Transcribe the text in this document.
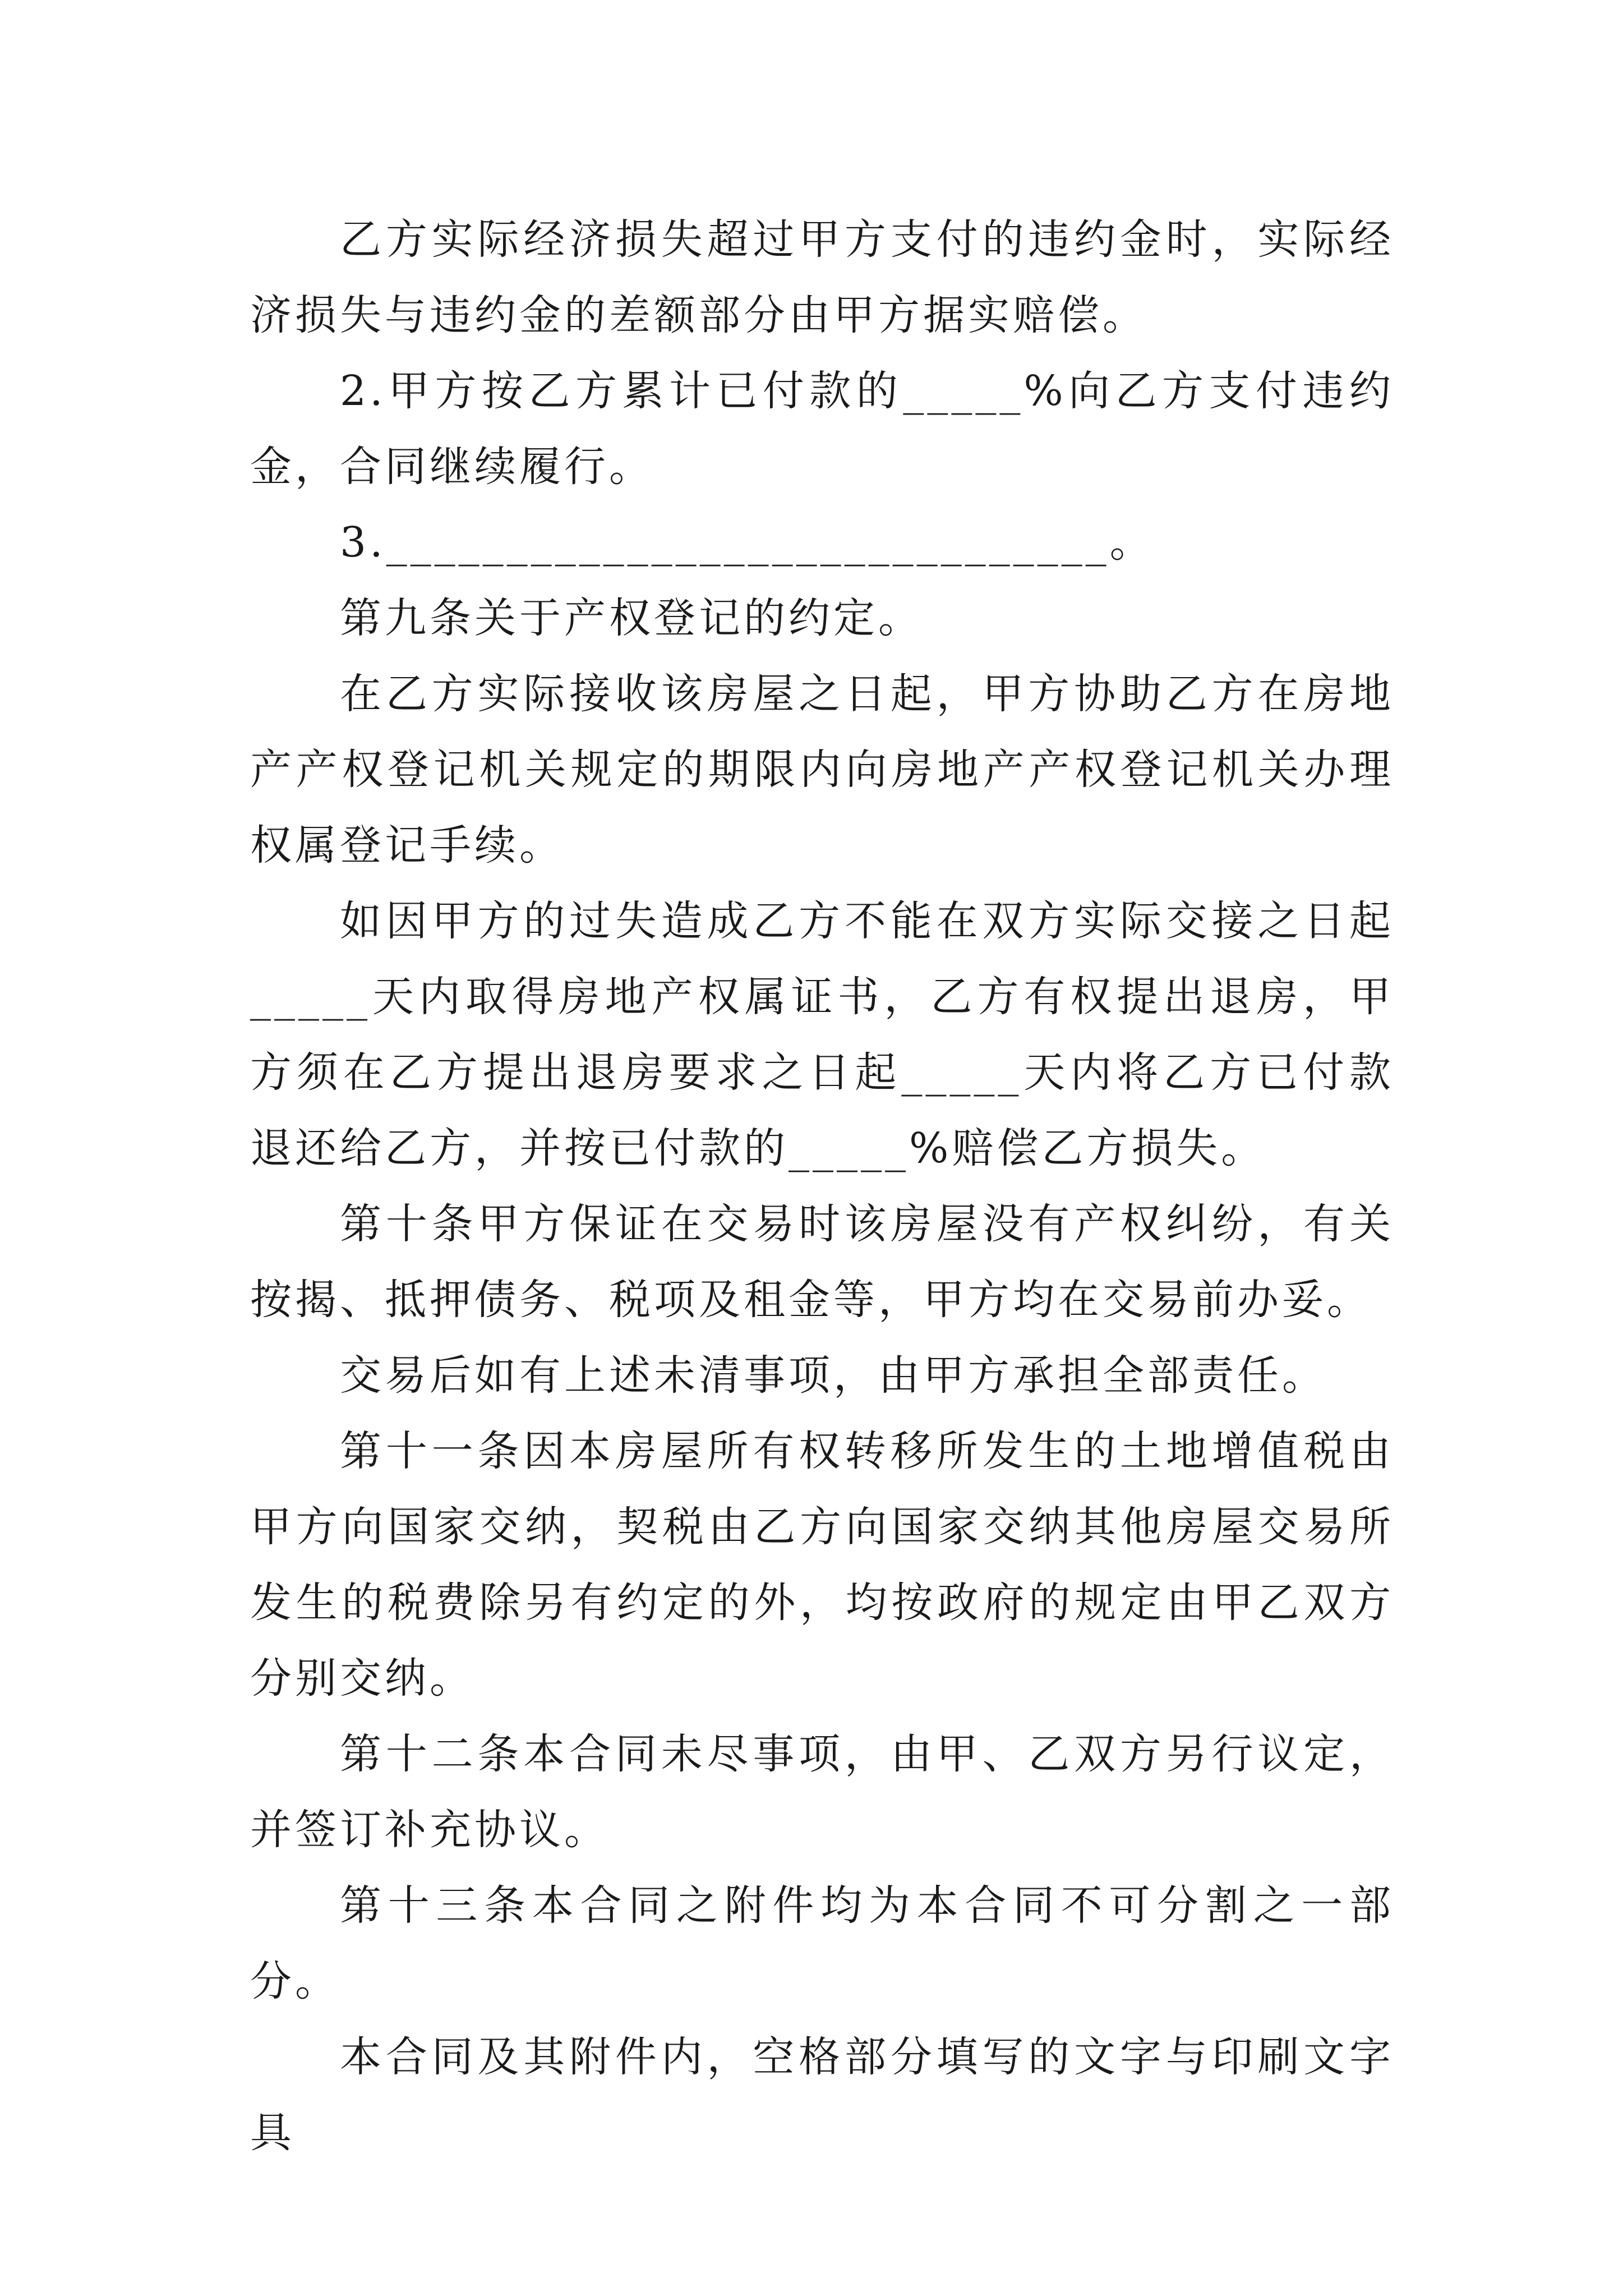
乙方实际经济损失超过甲方支付的违约金时，实际经济损失与违约金的差额部分由甲方据实赔偿。

2.甲方按乙方累计已付款的_____%向乙方支付违约金，合同继续履行。

3.______________________________。

第九条关于产权登记的约定。

在乙方实际接收该房屋之日起，甲方协助乙方在房地产产权登记机关规定的期限内向房地产产权登记机关办理权属登记手续。

如因甲方的过失造成乙方不能在双方实际交接之日起_____天内取得房地产权属证书，乙方有权提出退房，甲方须在乙方提出退房要求之日起_____天内将乙方已付款退还给乙方，并按已付款的_____%赔偿乙方损失。

第十条甲方保证在交易时该房屋没有产权纠纷，有关按揭、抵押债务、税项及租金等，甲方均在交易前办妥。

交易后如有上述未清事项，由甲方承担全部责任。

第十一条因本房屋所有权转移所发生的土地增值税由甲方向国家交纳，契税由乙方向国家交纳其他房屋交易所发生的税费除另有约定的外，均按政府的规定由甲乙双方分别交纳。

第十二条本合同未尽事项，由甲、乙双方另行议定，并签订补充协议。

第十三条本合同之附件均为本合同不可分割之一部分。

本合同及其附件内，空格部分填写的文字与印刷文字具
